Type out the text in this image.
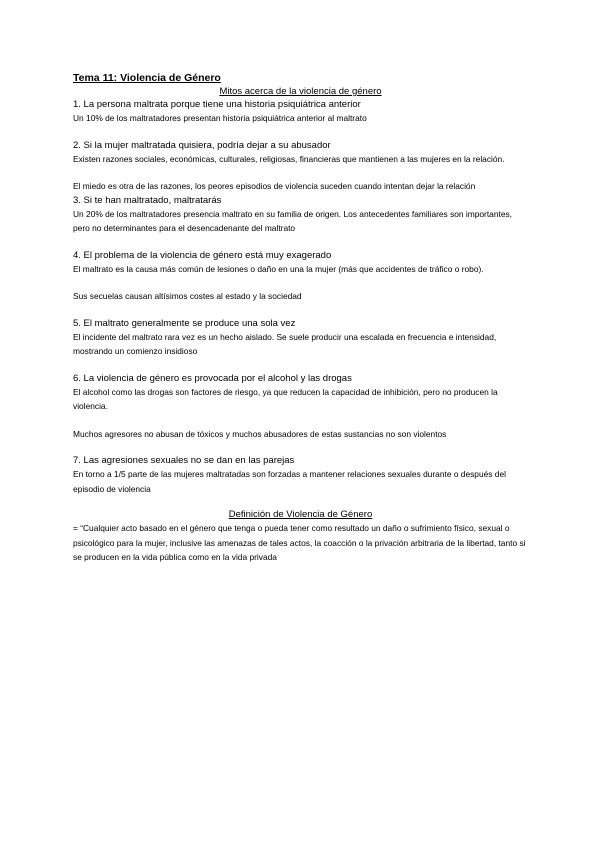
Tema 11: Violencia de Género

Mitos acerca de la violencia de género

1. La persona maltrata porque tiene una historia psiquiátrica anterior

Un 10% de los maltratadores presentan historia psiquiátrica anterior al maltrato

2. Si la mujer maltratada quisiera, podría dejar a su abusador

Existen razones sociales, económicas, culturales, religiosas, financieras que mantienen a las mujeres en la relación.

El miedo es otra de las razones, los peores episodios de violencia suceden cuando intentan dejar la relación

3. Si te han maltratado, maltratarás

Un 20% de los maltratadores presencia maltrato en su familia de origen. Los antecedentes familiares son importantes, pero no determinantes para el desencadenante del maltrato

4. El problema de la violencia de género está muy exagerado

El maltrato es la causa más común de lesiones o daño en una la mujer (más que accidentes de tráfico o robo).

Sus secuelas causan altísimos costes al estado y la sociedad

5. El maltrato generalmente se produce una sola vez

El incidente del maltrato rara vez es un hecho aislado. Se suele producir una escalada en frecuencia e intensidad, mostrando un comienzo insidioso

6. La violencia de género es provocada por el alcohol y las drogas

El alcohol como las drogas son factores de riesgo, ya que reducen la capacidad de inhibición, pero no producen la violencia.

Muchos agresores no abusan de tóxicos y muchos abusadores de estas sustancias no son violentos

7. Las agresiones sexuales no se dan en las parejas

En torno a 1/5 parte de las mujeres maltratadas son forzadas a mantener relaciones sexuales durante o después del episodio de violencia

Definición de Violencia de Género

= “Cualquier acto basado en el género que tenga o pueda tener como resultado un daño o sufrimiento físico, sexual o psicológico para la mujer, inclusive las amenazas de tales actos, la coacción o la privación arbitraria de la libertad, tanto si se producen en la vida pública como en la vida privada
